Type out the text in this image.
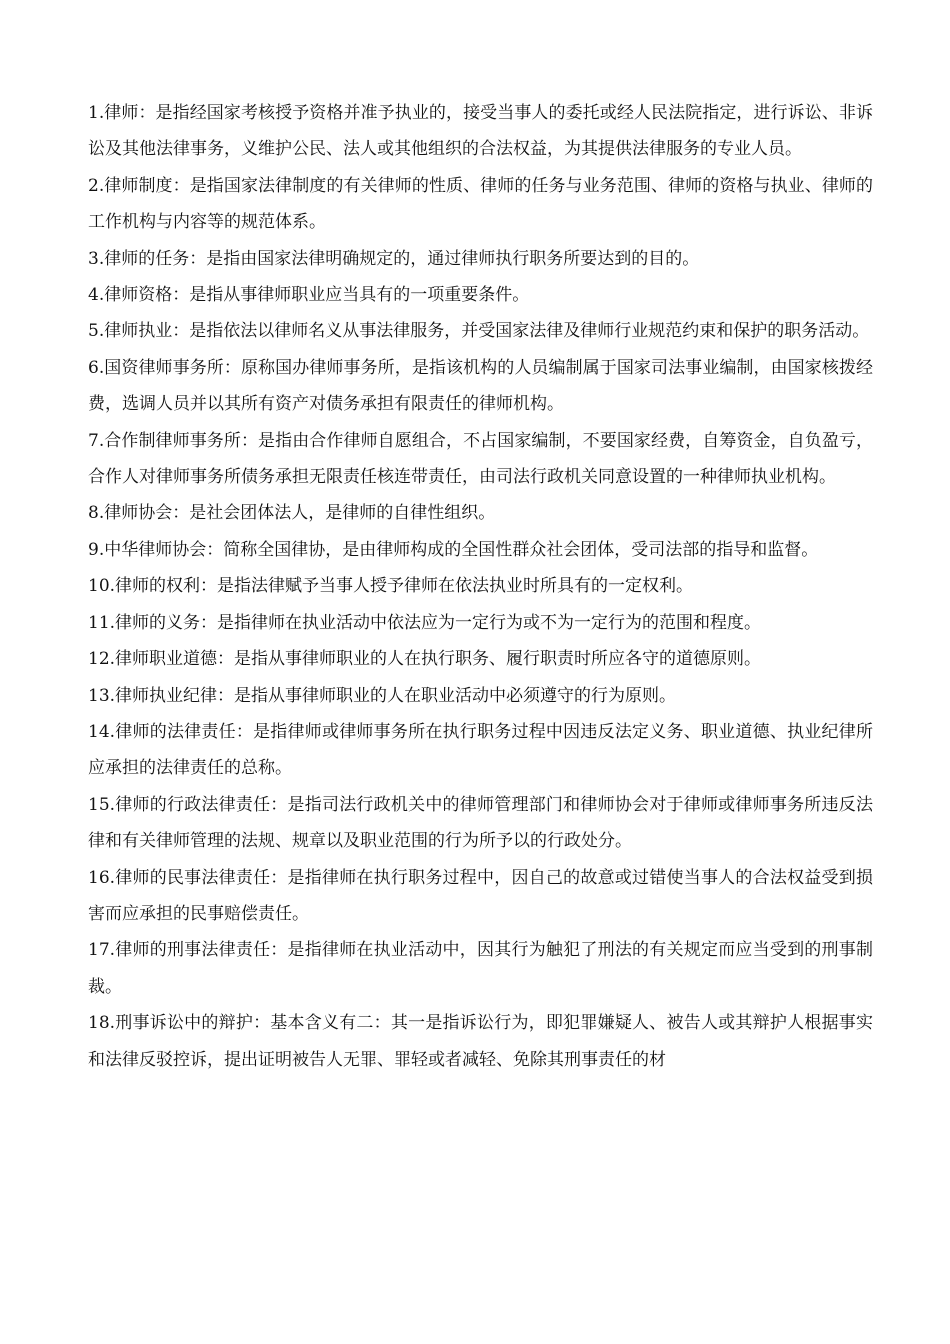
1.律师：是指经国家考核授予资格并准予执业的，接受当事人的委托或经人民法院指定，进行诉讼、非诉讼及其他法律事务，义维护公民、法人或其他组织的合法权益，为其提供法律服务的专业人员。

2.律师制度：是指国家法律制度的有关律师的性质、律师的任务与业务范围、律师的资格与执业、律师的工作机构与内容等的规范体系。

3.律师的任务：是指由国家法律明确规定的，通过律师执行职务所要达到的目的。

4.律师资格：是指从事律师职业应当具有的一项重要条件。

5.律师执业：是指依法以律师名义从事法律服务，并受国家法律及律师行业规范约束和保护的职务活动。

6.国资律师事务所：原称国办律师事务所，是指该机构的人员编制属于国家司法事业编制，由国家核拨经费，选调人员并以其所有资产对债务承担有限责任的律师机构。

7.合作制律师事务所：是指由合作律师自愿组合，不占国家编制，不要国家经费，自筹资金，自负盈亏，合作人对律师事务所债务承担无限责任核连带责任，由司法行政机关同意设置的一种律师执业机构。

8.律师协会：是社会团体法人，是律师的自律性组织。

9.中华律师协会：简称全国律协，是由律师构成的全国性群众社会团体，受司法部的指导和监督。

10.律师的权利：是指法律赋予当事人授予律师在依法执业时所具有的一定权利。

11.律师的义务：是指律师在执业活动中依法应为一定行为或不为一定行为的范围和程度。

12.律师职业道德：是指从事律师职业的人在执行职务、履行职责时所应各守的道德原则。

13.律师执业纪律：是指从事律师职业的人在职业活动中必须遵守的行为原则。

14.律师的法律责任：是指律师或律师事务所在执行职务过程中因违反法定义务、职业道德、执业纪律所应承担的法律责任的总称。

15.律师的行政法律责任：是指司法行政机关中的律师管理部门和律师协会对于律师或律师事务所违反法律和有关律师管理的法规、规章以及职业范围的行为所予以的行政处分。

16.律师的民事法律责任：是指律师在执行职务过程中，因自己的故意或过错使当事人的合法权益受到损害而应承担的民事赔偿责任。

17.律师的刑事法律责任：是指律师在执业活动中，因其行为触犯了刑法的有关规定而应当受到的刑事制裁。

18.刑事诉讼中的辩护：基本含义有二：其一是指诉讼行为，即犯罪嫌疑人、被告人或其辩护人根据事实和法律反驳控诉，提出证明被告人无罪、罪轻或者减轻、免除其刑事责任的材
